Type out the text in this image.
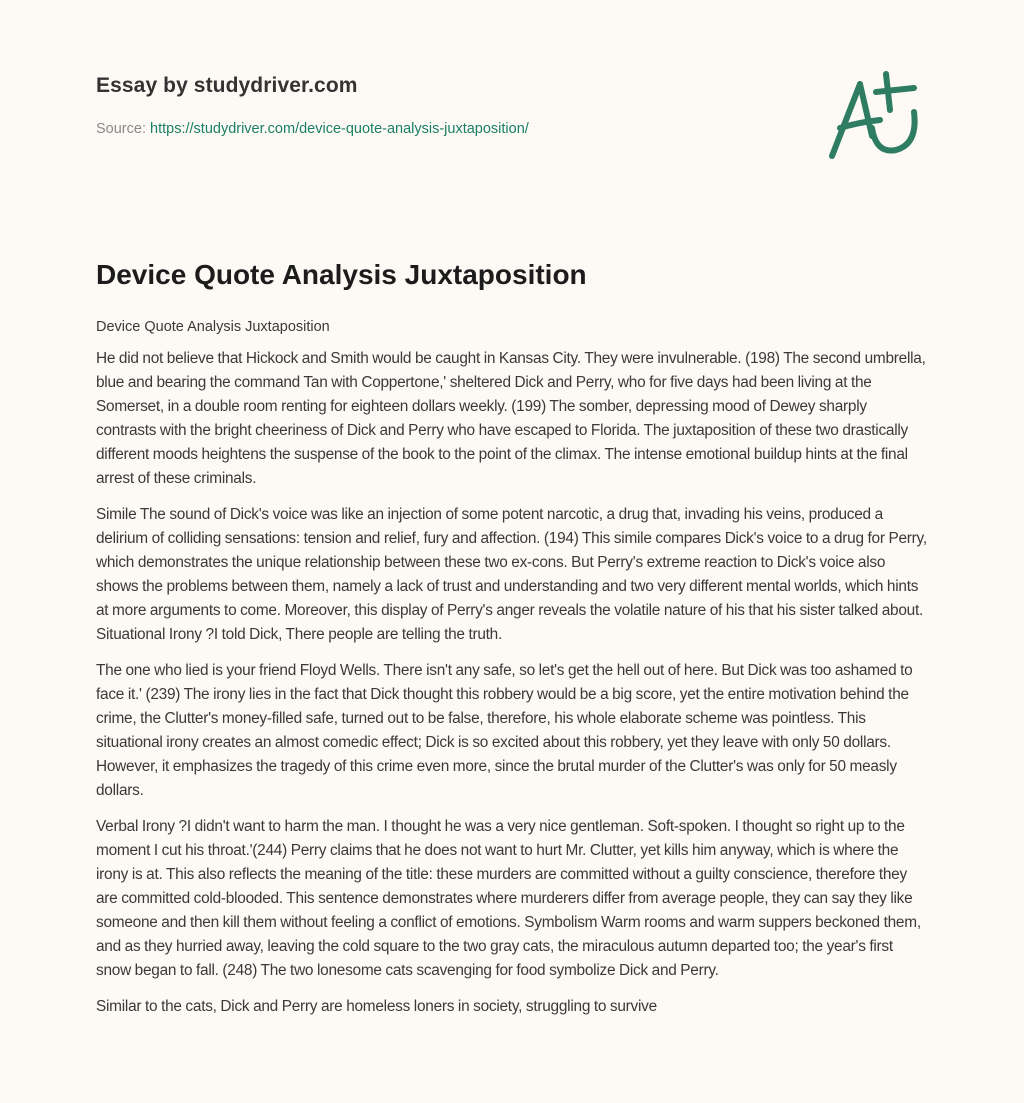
Essay by studydriver.com
Source: https://studydriver.com/device-quote-analysis-juxtaposition/
Device Quote Analysis Juxtaposition
Device Quote Analysis Juxtaposition

He did not believe that Hickock and Smith would be caught in Kansas City. They were invulnerable. (198) The second umbrella, blue and bearing the command Tan with Coppertone,' sheltered Dick and Perry, who for five days had been living at the Somerset, in a double room renting for eighteen dollars weekly. (199) The somber, depressing mood of Dewey sharply contrasts with the bright cheeriness of Dick and Perry who have escaped to Florida. The juxtaposition of these two drastically different moods heightens the suspense of the book to the point of the climax. The intense emotional buildup hints at the final arrest of these criminals.

Simile The sound of Dick's voice was like an injection of some potent narcotic, a drug that, invading his veins, produced a delirium of colliding sensations: tension and relief, fury and affection. (194) This simile compares Dick's voice to a drug for Perry, which demonstrates the unique relationship between these two ex-cons. But Perry's extreme reaction to Dick's voice also shows the problems between them, namely a lack of trust and understanding and two very different mental worlds, which hints at more arguments to come. Moreover, this display of Perry's anger reveals the volatile nature of his that his sister talked about. Situational Irony ?I told Dick, There people are telling the truth.

The one who lied is your friend Floyd Wells. There isn't any safe, so let's get the hell out of here. But Dick was too ashamed to face it.' (239) The irony lies in the fact that Dick thought this robbery would be a big score, yet the entire motivation behind the crime, the Clutter's money-filled safe, turned out to be false, therefore, his whole elaborate scheme was pointless. This situational irony creates an almost comedic effect; Dick is so excited about this robbery, yet they leave with only 50 dollars. However, it emphasizes the tragedy of this crime even more, since the brutal murder of the Clutter's was only for 50 measly dollars.

Verbal Irony ?I didn't want to harm the man. I thought he was a very nice gentleman. Soft-spoken. I thought so right up to the moment I cut his throat.'(244) Perry claims that he does not want to hurt Mr. Clutter, yet kills him anyway, which is where the irony is at. This also reflects the meaning of the title: these murders are committed without a guilty conscience, therefore they are committed cold-blooded. This sentence demonstrates where murderers differ from average people, they can say they like someone and then kill them without feeling a conflict of emotions. Symbolism Warm rooms and warm suppers beckoned them, and as they hurried away, leaving the cold square to the two gray cats, the miraculous autumn departed too; the year's first snow began to fall. (248) The two lonesome cats scavenging for food symbolize Dick and Perry.

Similar to the cats, Dick and Perry are homeless loners in society, struggling to survive
